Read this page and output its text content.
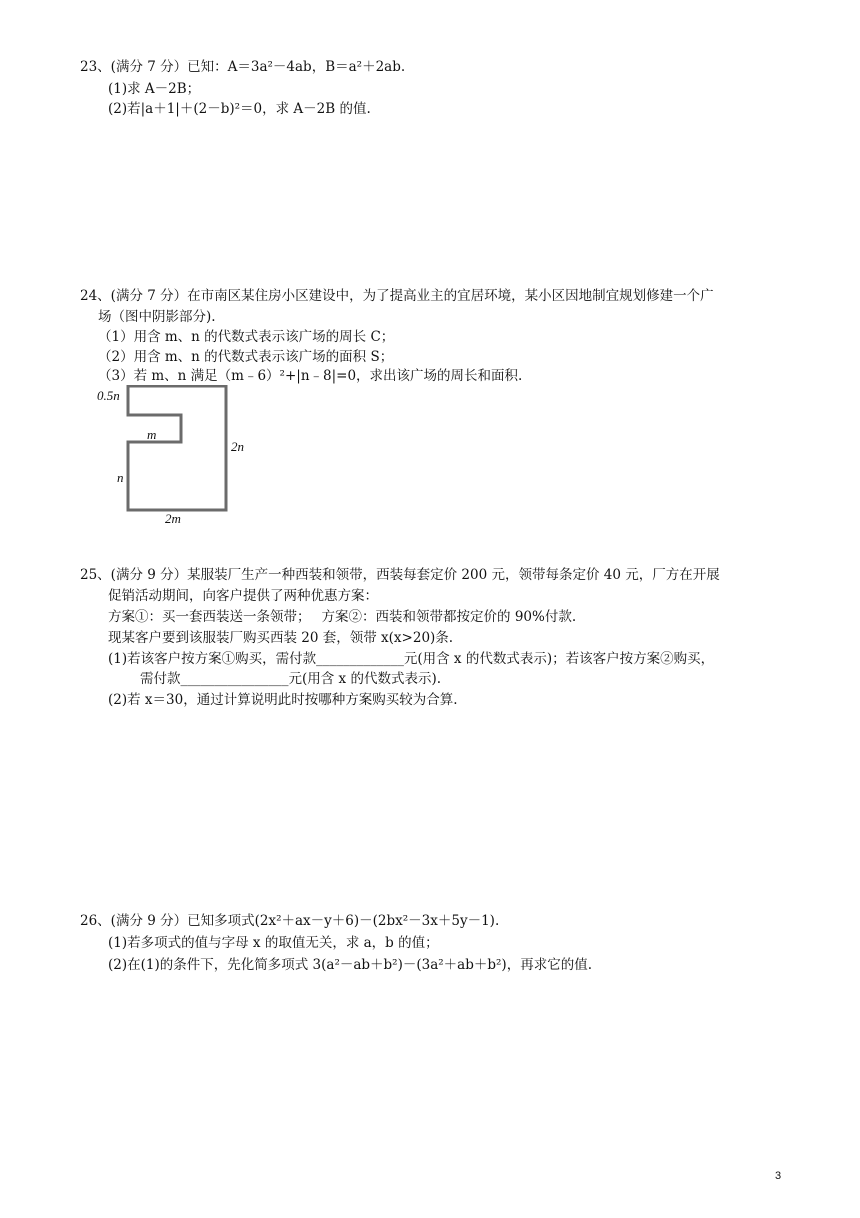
23、(满分 7 分）已知：A＝3a²－4ab，B＝a²＋2ab.
(1)求 A－2B；
(2)若|a＋1|＋(2－b)²＝0，求 A－2B 的值.
24、(满分 7 分）在市南区某住房小区建设中，为了提高业主的宜居环境，某小区因地制宜规划修建一个广
场（图中阴影部分).
（1）用含 m、n 的代数式表示该广场的周长 C；
（2）用含 m、n 的代数式表示该广场的面积 S；
（3）若 m、n 满足（m﹣6）²+|n﹣8|=0，求出该广场的周长和面积.
0.5n
m
2n
n
2m
25、(满分 9 分）某服装厂生产一种西装和领带，西装每套定价 200 元，领带每条定价 40 元，厂方在开展
促销活动期间，向客户提供了两种优惠方案：
方案①：买一套西装送一条领带；　 方案②：西装和领带都按定价的 90%付款.
现某客户要到该服装厂购买西装 20 套，领带 x(x>20)条.
(1)若该客户按方案①购买，需付款_____________元(用含 x 的代数式表示)；若该客户按方案②购买，
需付款________________元(用含 x 的代数式表示).
(2)若 x＝30，通过计算说明此时按哪种方案购买较为合算.
26、(满分 9 分）已知多项式(2x²＋ax－y＋6)－(2bx²－3x＋5y－1).
(1)若多项式的值与字母 x 的取值无关，求 a，b 的值；
(2)在(1)的条件下，先化简多项式 3(a²－ab＋b²)－(3a²＋ab＋b²)，再求它的值.
3
